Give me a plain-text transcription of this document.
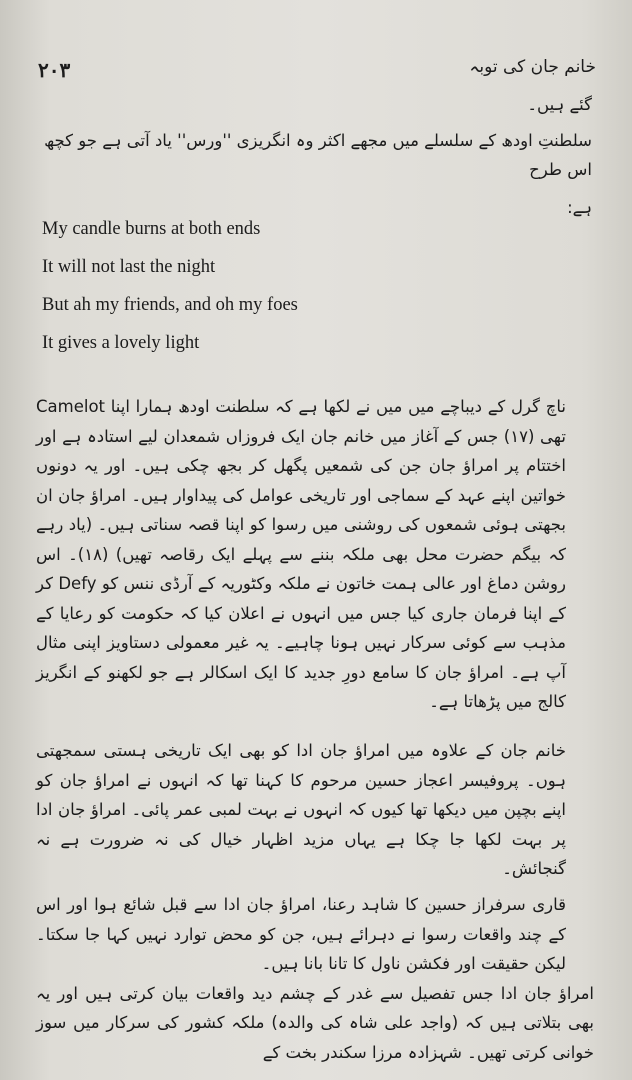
۲۰۳	خانم جان کی توبہ
گئے ہیں۔
سلطنتِ اودھ کے سلسلے میں مجھے اکثر وہ انگریزی ''ورس'' یاد آتی ہے جو کچھ اس طرح
ہے:
My candle burns at both ends
It will not last the night
But ah my friends, and oh my foes
It gives a lovely light

ناچ گرل کے دیباچے میں میں نے لکھا ہے کہ سلطنت اودھ ہمارا اپنا Camelot تھی (۱۷) جس کے آغاز میں خانم جان ایک فروزاں شمعدان لیے استادہ ہے اور اختتام پر امراؤ جان جن کی شمعیں پگھل کر بجھ چکی ہیں۔ اور یہ دونوں خواتین اپنے عہد کے سماجی اور تاریخی عوامل کی پیداوار ہیں۔ امراؤ جان ان بجھتی ہوئی شمعوں کی روشنی میں رسوا کو اپنا قصہ سناتی ہیں۔ (یاد رہے کہ بیگم حضرت محل بھی ملکہ بننے سے پہلے ایک رقاصہ تھیں) (۱۸)۔ اس روشن دماغ اور عالی ہمت خاتون نے ملکہ وکٹوریہ کے آرڈی ننس کو Defy کر کے اپنا فرمان جاری کیا جس میں انہوں نے اعلان کیا کہ حکومت کو رعایا کے مذہب سے کوئی سرکار نہیں ہونا چاہیے۔ یہ غیر معمولی دستاویز اپنی مثال آپ ہے۔ امراؤ جان کا سامع دورِ جدید کا ایک اسکالر ہے جو لکھنو کے انگریز کالج میں پڑھاتا ہے۔

خانم جان کے علاوہ میں امراؤ جان ادا کو بھی ایک تاریخی ہستی سمجھتی ہوں۔ پروفیسر اعجاز حسین مرحوم کا کہنا تھا کہ انہوں نے امراؤ جان کو اپنے بچپن میں دیکھا تھا کیوں کہ انہوں نے بہت لمبی عمر پائی۔ امراؤ جان ادا پر بہت لکھا جا چکا ہے یہاں مزید اظہار خیال کی نہ ضرورت ہے نہ گنجائش۔

قاری سرفراز حسین کا شاہد رعنا، امراؤ جان ادا سے قبل شائع ہوا اور اس کے چند واقعات رسوا نے دہرائے ہیں، جن کو محض توارد نہیں کہا جا سکتا۔ لیکن حقیقت اور فکشن ناول کا تانا بانا ہیں۔

امراؤ جان ادا جس تفصیل سے غدر کے چشم دید واقعات بیان کرتی ہیں اور یہ بھی بتلاتی ہیں کہ (واجد علی شاہ کی والدہ) ملکہ کشور کی سرکار میں سوز خوانی کرتی تھیں۔ شہزادہ مرزا سکندر بخت کے
